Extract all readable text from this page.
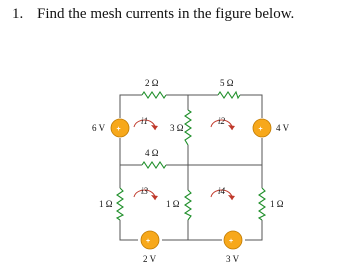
1. Find the mesh currents in the figure below.
+	+
+	+
2 Ω	5 Ω
3 Ω
4 Ω
1 Ω	1 Ω	1 Ω
6 V	4 V
2 V	3 V
i1	i2
i3	i4
